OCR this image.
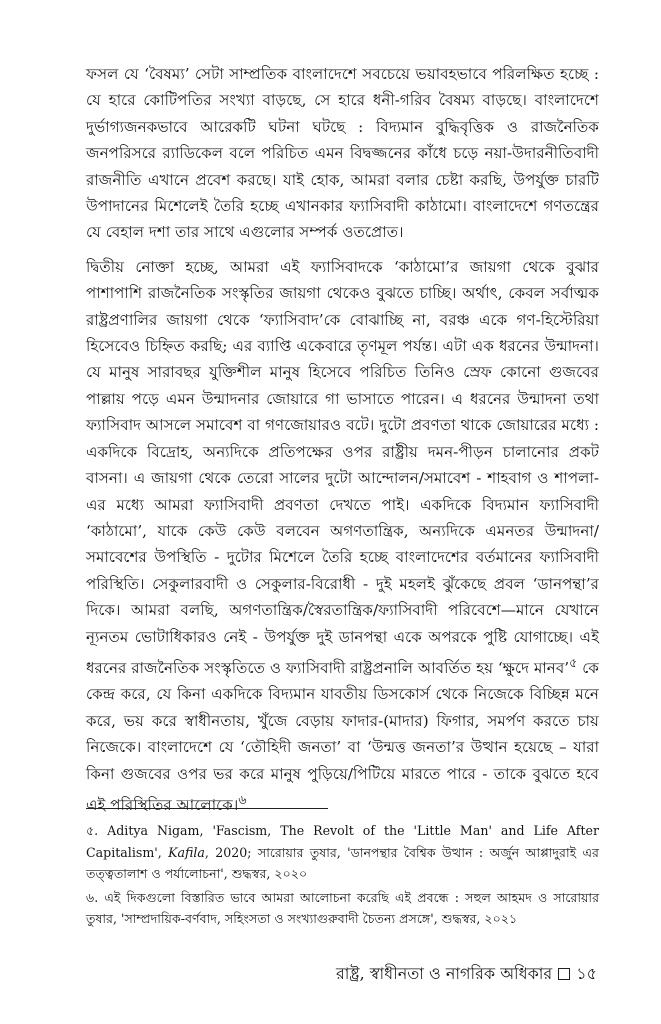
ফসল যে ‘বৈষম্য’ সেটা সাম্প্রতিক বাংলাদেশে সবচেয়ে ভয়াবহভাবে পরিলক্ষিত হচ্ছে : যে হারে কোটিপতির সংখ্যা বাড়ছে, সে হারে ধনী-গরিব বৈষম্য বাড়ছে। বাংলাদেশে দুর্ভাগ্যজনকভাবে আরেকটি ঘটনা ঘটছে : বিদ্যমান বুদ্ধিবৃত্তিক ও রাজনৈতিক জনপরিসরে র‍্যাডিকেল বলে পরিচিত এমন বিদ্বজ্জনের কাঁধে চড়ে নয়া-উদারনীতিবাদী রাজনীতি এখানে প্রবেশ করছে। যাই হোক, আমরা বলার চেষ্টা করছি, উপর্যুক্ত চারটি উপাদানের মিশেলেই তৈরি হচ্ছে এখানকার ফ্যাসিবাদী কাঠামো। বাংলাদেশে গণতন্ত্রের যে বেহাল দশা তার সাথে এগুলোর সম্পর্ক ওতপ্রোত।

দ্বিতীয় নোক্তা হচ্ছে, আমরা এই ফ্যাসিবাদকে ‘কাঠামো’র জায়গা থেকে বুঝার পাশাপাশি রাজনৈতিক সংস্কৃতির জায়গা থেকেও বুঝতে চাচ্ছি। অর্থাৎ, কেবল সর্বাত্মক রাষ্ট্রপ্রণালির জায়গা থেকে ‘ফ্যাসিবাদ’কে বোঝাচ্ছি না, বরঞ্চ একে গণ-হিস্টেরিয়া হিসেবেও চিহ্নিত করছি; এর ব্যাপ্তি একেবারে তৃণমূল পর্যন্ত। এটা এক ধরনের উন্মাদনা। যে মানুষ সারাবছর যুক্তিশীল মানুষ হিসেবে পরিচিত তিনিও স্রেফ কোনো গুজবের পাল্লায় পড়ে এমন উন্মাদনার জোয়ারে গা ভাসাতে পারেন। এ ধরনের উন্মাদনা তথা ফ্যাসিবাদ আসলে সমাবেশ বা গণজোয়ারও বটে। দুটো প্রবণতা থাকে জোয়ারের মধ্যে : একদিকে বিদ্রোহ, অন্যদিকে প্রতিপক্ষের ওপর রাষ্ট্রীয় দমন-পীড়ন চালানোর প্রকট বাসনা। এ জায়গা থেকে তেরো সালের দুটো আন্দোলন/সমাবেশ - শাহবাগ ও শাপলা- এর মধ্যে আমরা ফ্যাসিবাদী প্রবণতা দেখতে পাই। একদিকে বিদ্যমান ফ্যাসিবাদী ‘কাঠামো’, যাকে কেউ কেউ বলবেন অগণতান্ত্রিক, অন্যদিকে এমনতর উন্মাদনা/সমাবেশের উপস্থিতি - দুটোর মিশেলে তৈরি হচ্ছে বাংলাদেশের বর্তমানের ফ্যাসিবাদী পরিস্থিতি। সেকুলারবাদী ও সেকুলার-বিরোধী - দুই মহলই ঝুঁকেছে প্রবল ‘ডানপন্থা’র দিকে। আমরা বলছি, অগণতান্ত্রিক/স্বৈরতান্ত্রিক/ফ্যাসিবাদী পরিবেশে—মানে যেখানে ন্যূনতম ভোটাধিকারও নেই - উপর্যুক্ত দুই ডানপন্থা একে অপরকে পুষ্টি যোগাচ্ছে। এই ধরনের রাজনৈতিক সংস্কৃতিতে ও ফ্যাসিবাদী রাষ্ট্রপ্রনালি আবর্তিত হয় ‘ক্ষুদে মানব’$^৫$ কে কেন্দ্র করে, যে কিনা একদিকে বিদ্যমান যাবতীয় ডিসকোর্স থেকে নিজেকে বিচ্ছিন্ন মনে করে, ভয় করে স্বাধীনতায়, খুঁজে বেড়ায় ফাদার-(মাদার) ফিগার, সমর্পণ করতে চায় নিজেকে। বাংলাদেশে যে ‘তৌহিদী জনতা’ বা ‘উন্মত্ত জনতা’র উত্থান হয়েছে – যারা কিনা গুজবের ওপর ভর করে মানুষ পুড়িয়ে/পিটিয়ে মারতে পারে - তাকে বুঝতে হবে এই পরিস্থিতির আলোকে।$^৬$

৫. Aditya Nigam, 'Fascism, The Revolt of the 'Little Man' and Life After Capitalism', Kafila, 2020; সারোয়ার তুষার, 'ডানপন্থার বৈশ্বিক উত্থান : অর্জুন আপ্পাদুরাই এর তত্ত্বতালাশ ও পর্যালোচনা', শুদ্ধস্বর, ২০২০

৬. এই দিকগুলো বিস্তারিত ভাবে আমরা আলোচনা করেছি এই প্রবন্ধে : সহুল আহমদ ও সারোয়ার তুষার, 'সাম্প্রদায়িক-বর্ণবাদ, সহিংসতা ও সংখ্যাগুরুবাদী চৈতন্য প্রসঙ্গে', শুদ্ধস্বর, ২০২১

রাষ্ট্র, স্বাধীনতা ও নাগরিক অধিকার ১৫
